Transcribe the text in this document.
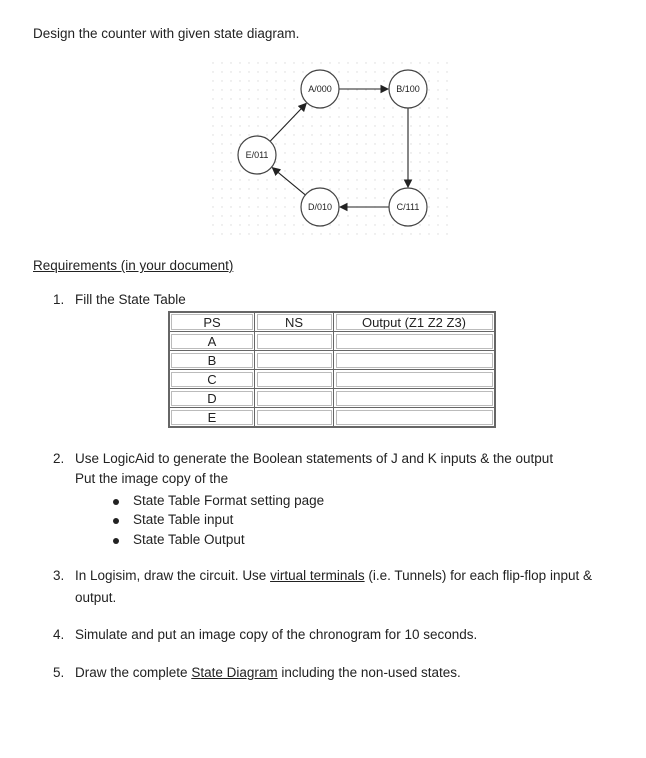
Design the counter with given state diagram.
A/000	B/100
C/111
D/010
E/011
Requirements (in your document)
1. Fill the State Table
PS	NS	Output (Z1 Z2 Z3)
A		
B		
C		
D		
E		
2. Use LogicAid to generate the Boolean statements of J and K inputs & the output
Put the image copy of the
State Table Format setting page
State Table input
State Table Output
3. In Logisim, draw the circuit. Use virtual terminals (i.e. Tunnels) for each flip-flop input &
output.
4. Simulate and put an image copy of the chronogram for 10 seconds.
5. Draw the complete State Diagram including the non-used states.
